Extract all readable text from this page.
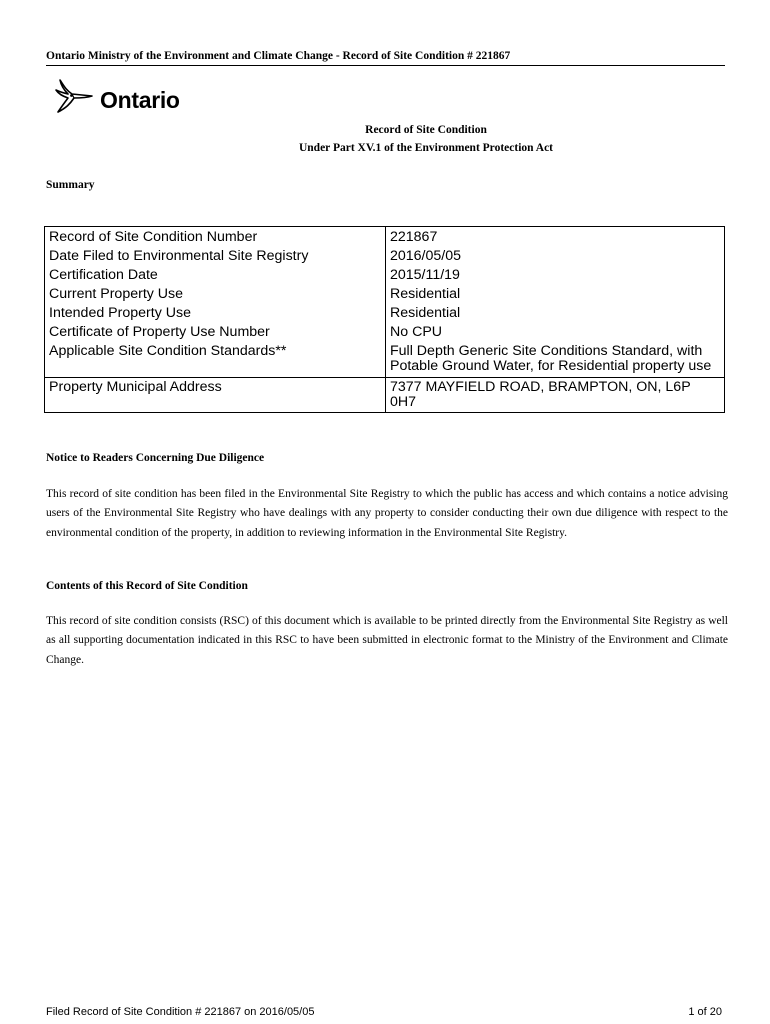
Ontario Ministry of the Environment and Climate Change - Record of Site Condition # 221867
Ontario
Record of Site Condition
Under Part XV.1 of the Environment Protection Act
Summary
Record of Site Condition Number	221867
Date Filed to Environmental Site Registry	2016/05/05
Certification Date	2015/11/19
Current Property Use	Residential
Intended Property Use	Residential
Certificate of Property Use Number	No CPU
Applicable Site Condition Standards**	Full Depth Generic Site Conditions Standard, with Potable Ground Water, for Residential property use
Property Municipal Address	7377 MAYFIELD ROAD, BRAMPTON, ON, L6P 0H7
Notice to Readers Concerning Due Diligence
This record of site condition has been filed in the Environmental Site Registry to which the public has access and which contains a notice advising users of the Environmental Site Registry who have dealings with any property to consider conducting their own due diligence with respect to the environmental condition of the property, in addition to reviewing information in the Environmental Site Registry.
Contents of this Record of Site Condition
This record of site condition consists (RSC) of this document which is available to be printed directly from the Environmental Site Registry as well as all supporting documentation indicated in this RSC to have been submitted in electronic format to the Ministry of the Environment and Climate Change.
Filed Record of Site Condition # 221867 on 2016/05/05	1 of 20
